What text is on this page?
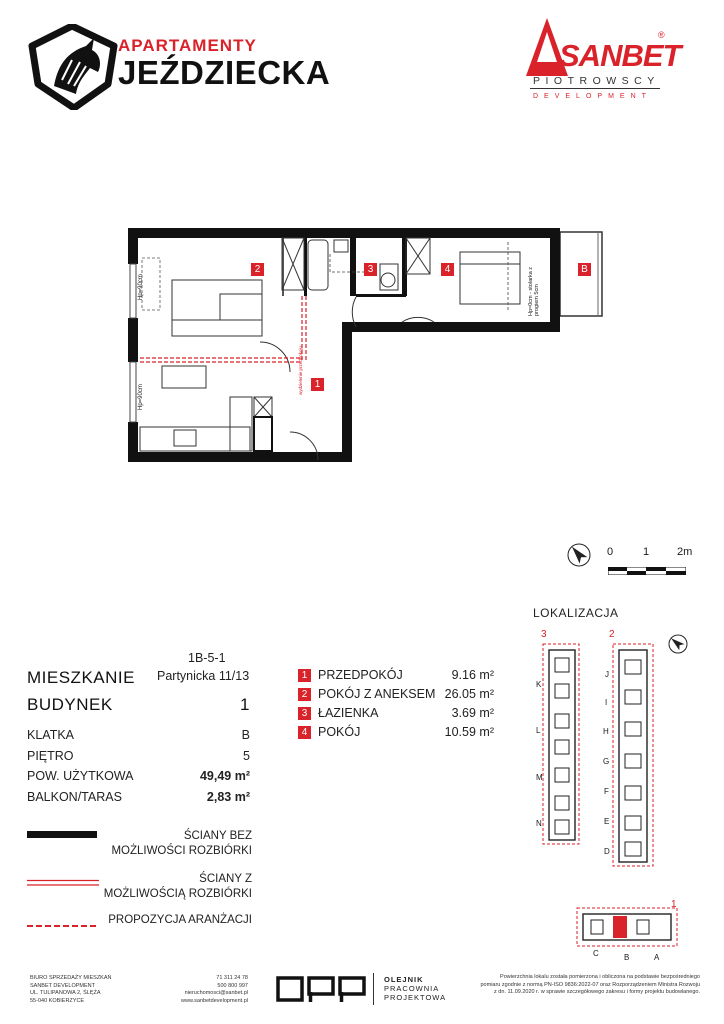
APARTAMENTY
JEŹDZIECKA	SANBET
®
PIOTROWSCY
DEVELOPMENT
2	3	4	B
1
Hp=90cm
Hp=90cm
Hp=0cm - stolarka z progiem 5cm
wydzielenie przedpokoju
0	1	2m
1B-5-1
MIESZKANIE Partynicka 11/13
BUDYNEK	1
KLATKA	B
PIĘTRO	5
POW. UŻYTKOWA	49,49 m²
BALKON/TARAS	2,83 m²
1 PRZEDPOKÓJ	9.16 m²
2 POKÓJ Z ANEKSEM 26.05 m²
3 ŁAZIENKA	3.69 m²
4 POKÓJ	10.59 m²
ŚCIANY BEZ
MOŻLIWOŚCI ROZBIÓRKI
ŚCIANY Z
MOŻLIWOŚCIĄ ROZBIÓRKI
PROPOZYCJA ARANŻACJI
LOKALIZACJA
3	2
1
K
L
M
N
J
I
H
G
F
E
D
C	B	A
BIURO SPRZEDAŻY MIESZKAŃ
SANBET DEVELOPMENT
UL. TULIPANOWA 2, ŚLĘŻA
55-040 KOBIERZYCE
71 311 24 78
500 800 997
nieruchomosci@sanbet.pl
www.sanbetdevelopment.pl
OLEJNIK
PRACOWNIA
PROJEKTOWA
Powierzchnia lokalu została pomierzona i obliczona na podstawie bezpośredniego
pomiaru zgodnie z normą PN-ISO 9836:2022-07 oraz Rozporządzeniem Ministra Rozwoju
z dn. 11.09.2020 r. w sprawie szczegółowego zakresu i formy projektu budowlanego.
